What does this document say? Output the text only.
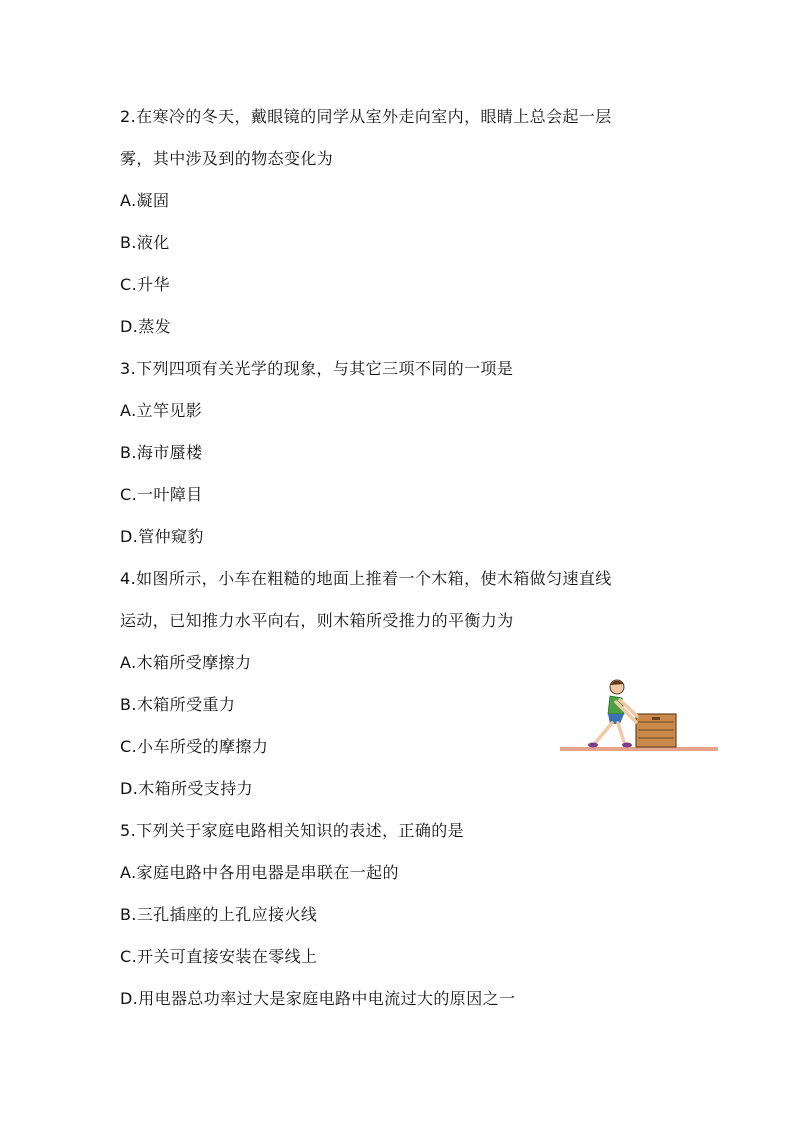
2.在寒冷的冬天，戴眼镜的同学从室外走向室内，眼睛上总会起一层
雾，其中涉及到的物态变化为
A.凝固
B.液化
C.升华
D.蒸发
3.下列四项有关光学的现象，与其它三项不同的一项是
A.立竿见影
B.海市蜃楼
C.一叶障目
D.管仲窥豹
4.如图所示，小车在粗糙的地面上推着一个木箱，使木箱做匀速直线
运动，已知推力水平向右，则木箱所受推力的平衡力为
A.木箱所受摩擦力
B.木箱所受重力
C.小车所受的摩擦力
D.木箱所受支持力
5.下列关于家庭电路相关知识的表述，正确的是
A.家庭电路中各用电器是串联在一起的
B.三孔插座的上孔应接火线
C.开关可直接安装在零线上
D.用电器总功率过大是家庭电路中电流过大的原因之一
